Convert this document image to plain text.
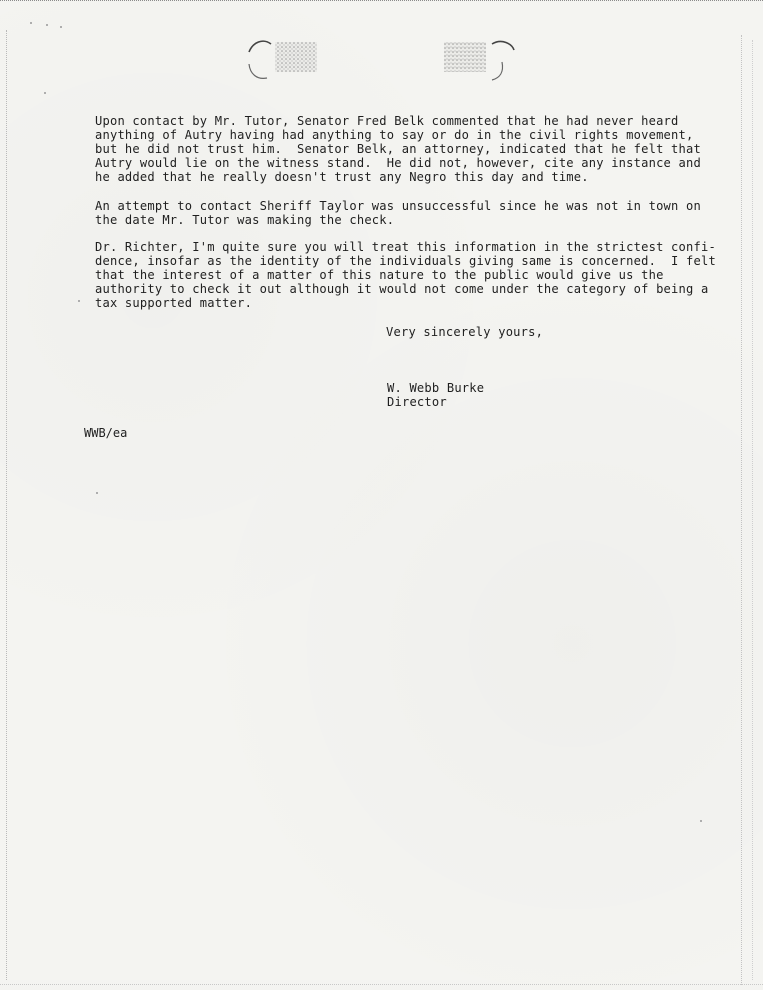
Upon contact by Mr. Tutor, Senator Fred Belk commented that he had never heard
anything of Autry having had anything to say or do in the civil rights movement,
but he did not trust him.  Senator Belk, an attorney, indicated that he felt that
Autry would lie on the witness stand.  He did not, however, cite any instance and
he added that he really doesn't trust any Negro this day and time.
An attempt to contact Sheriff Taylor was unsuccessful since he was not in town on
the date Mr. Tutor was making the check.
Dr. Richter, I'm quite sure you will treat this information in the strictest confi-
dence, insofar as the identity of the individuals giving same is concerned.  I felt
that the interest of a matter of this nature to the public would give us the
authority to check it out although it would not come under the category of being a
tax supported matter.
Very sincerely yours,
W. Webb Burke
Director
WWB/ea
